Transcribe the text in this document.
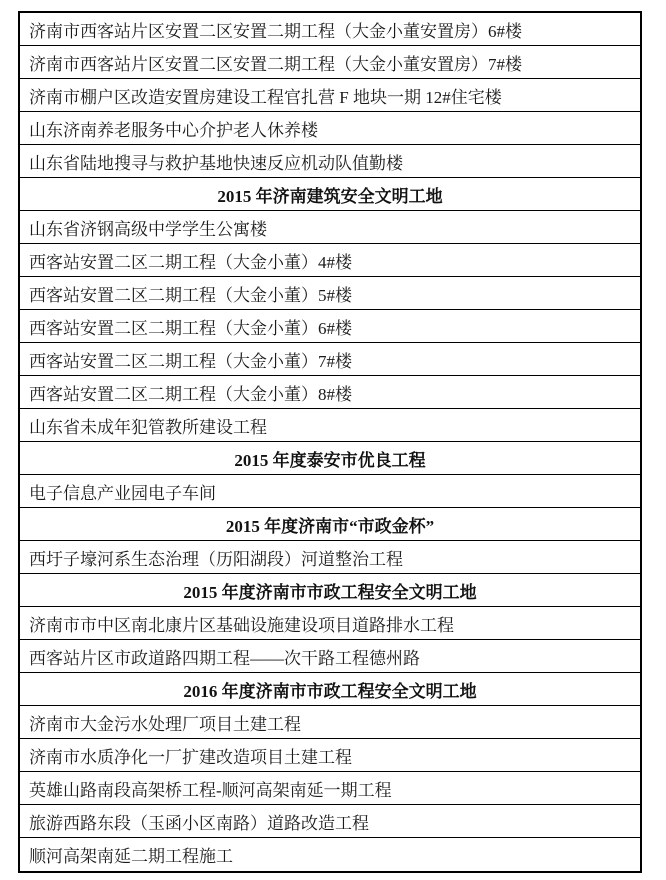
济南市西客站片区安置二区安置二期工程（大金小董安置房）6#楼
济南市西客站片区安置二区安置二期工程（大金小董安置房）7#楼
济南市棚户区改造安置房建设工程官扎营 F 地块一期 12#住宅楼
山东济南养老服务中心介护老人休养楼
山东省陆地搜寻与救护基地快速反应机动队值勤楼
2015 年济南建筑安全文明工地
山东省济钢高级中学学生公寓楼
西客站安置二区二期工程（大金小董）4#楼
西客站安置二区二期工程（大金小董）5#楼
西客站安置二区二期工程（大金小董）6#楼
西客站安置二区二期工程（大金小董）7#楼
西客站安置二区二期工程（大金小董）8#楼
山东省未成年犯管教所建设工程
2015 年度泰安市优良工程
电子信息产业园电子车间
2015 年度济南市“市政金杯”
西圩子壕河系生态治理（历阳湖段）河道整治工程
2015 年度济南市市政工程安全文明工地
济南市市中区南北康片区基础设施建设项目道路排水工程
西客站片区市政道路四期工程——次干路工程德州路
2016 年度济南市市政工程安全文明工地
济南市大金污水处理厂项目土建工程
济南市水质净化一厂扩建改造项目土建工程
英雄山路南段高架桥工程-顺河高架南延一期工程
旅游西路东段（玉函小区南路）道路改造工程
顺河高架南延二期工程施工
